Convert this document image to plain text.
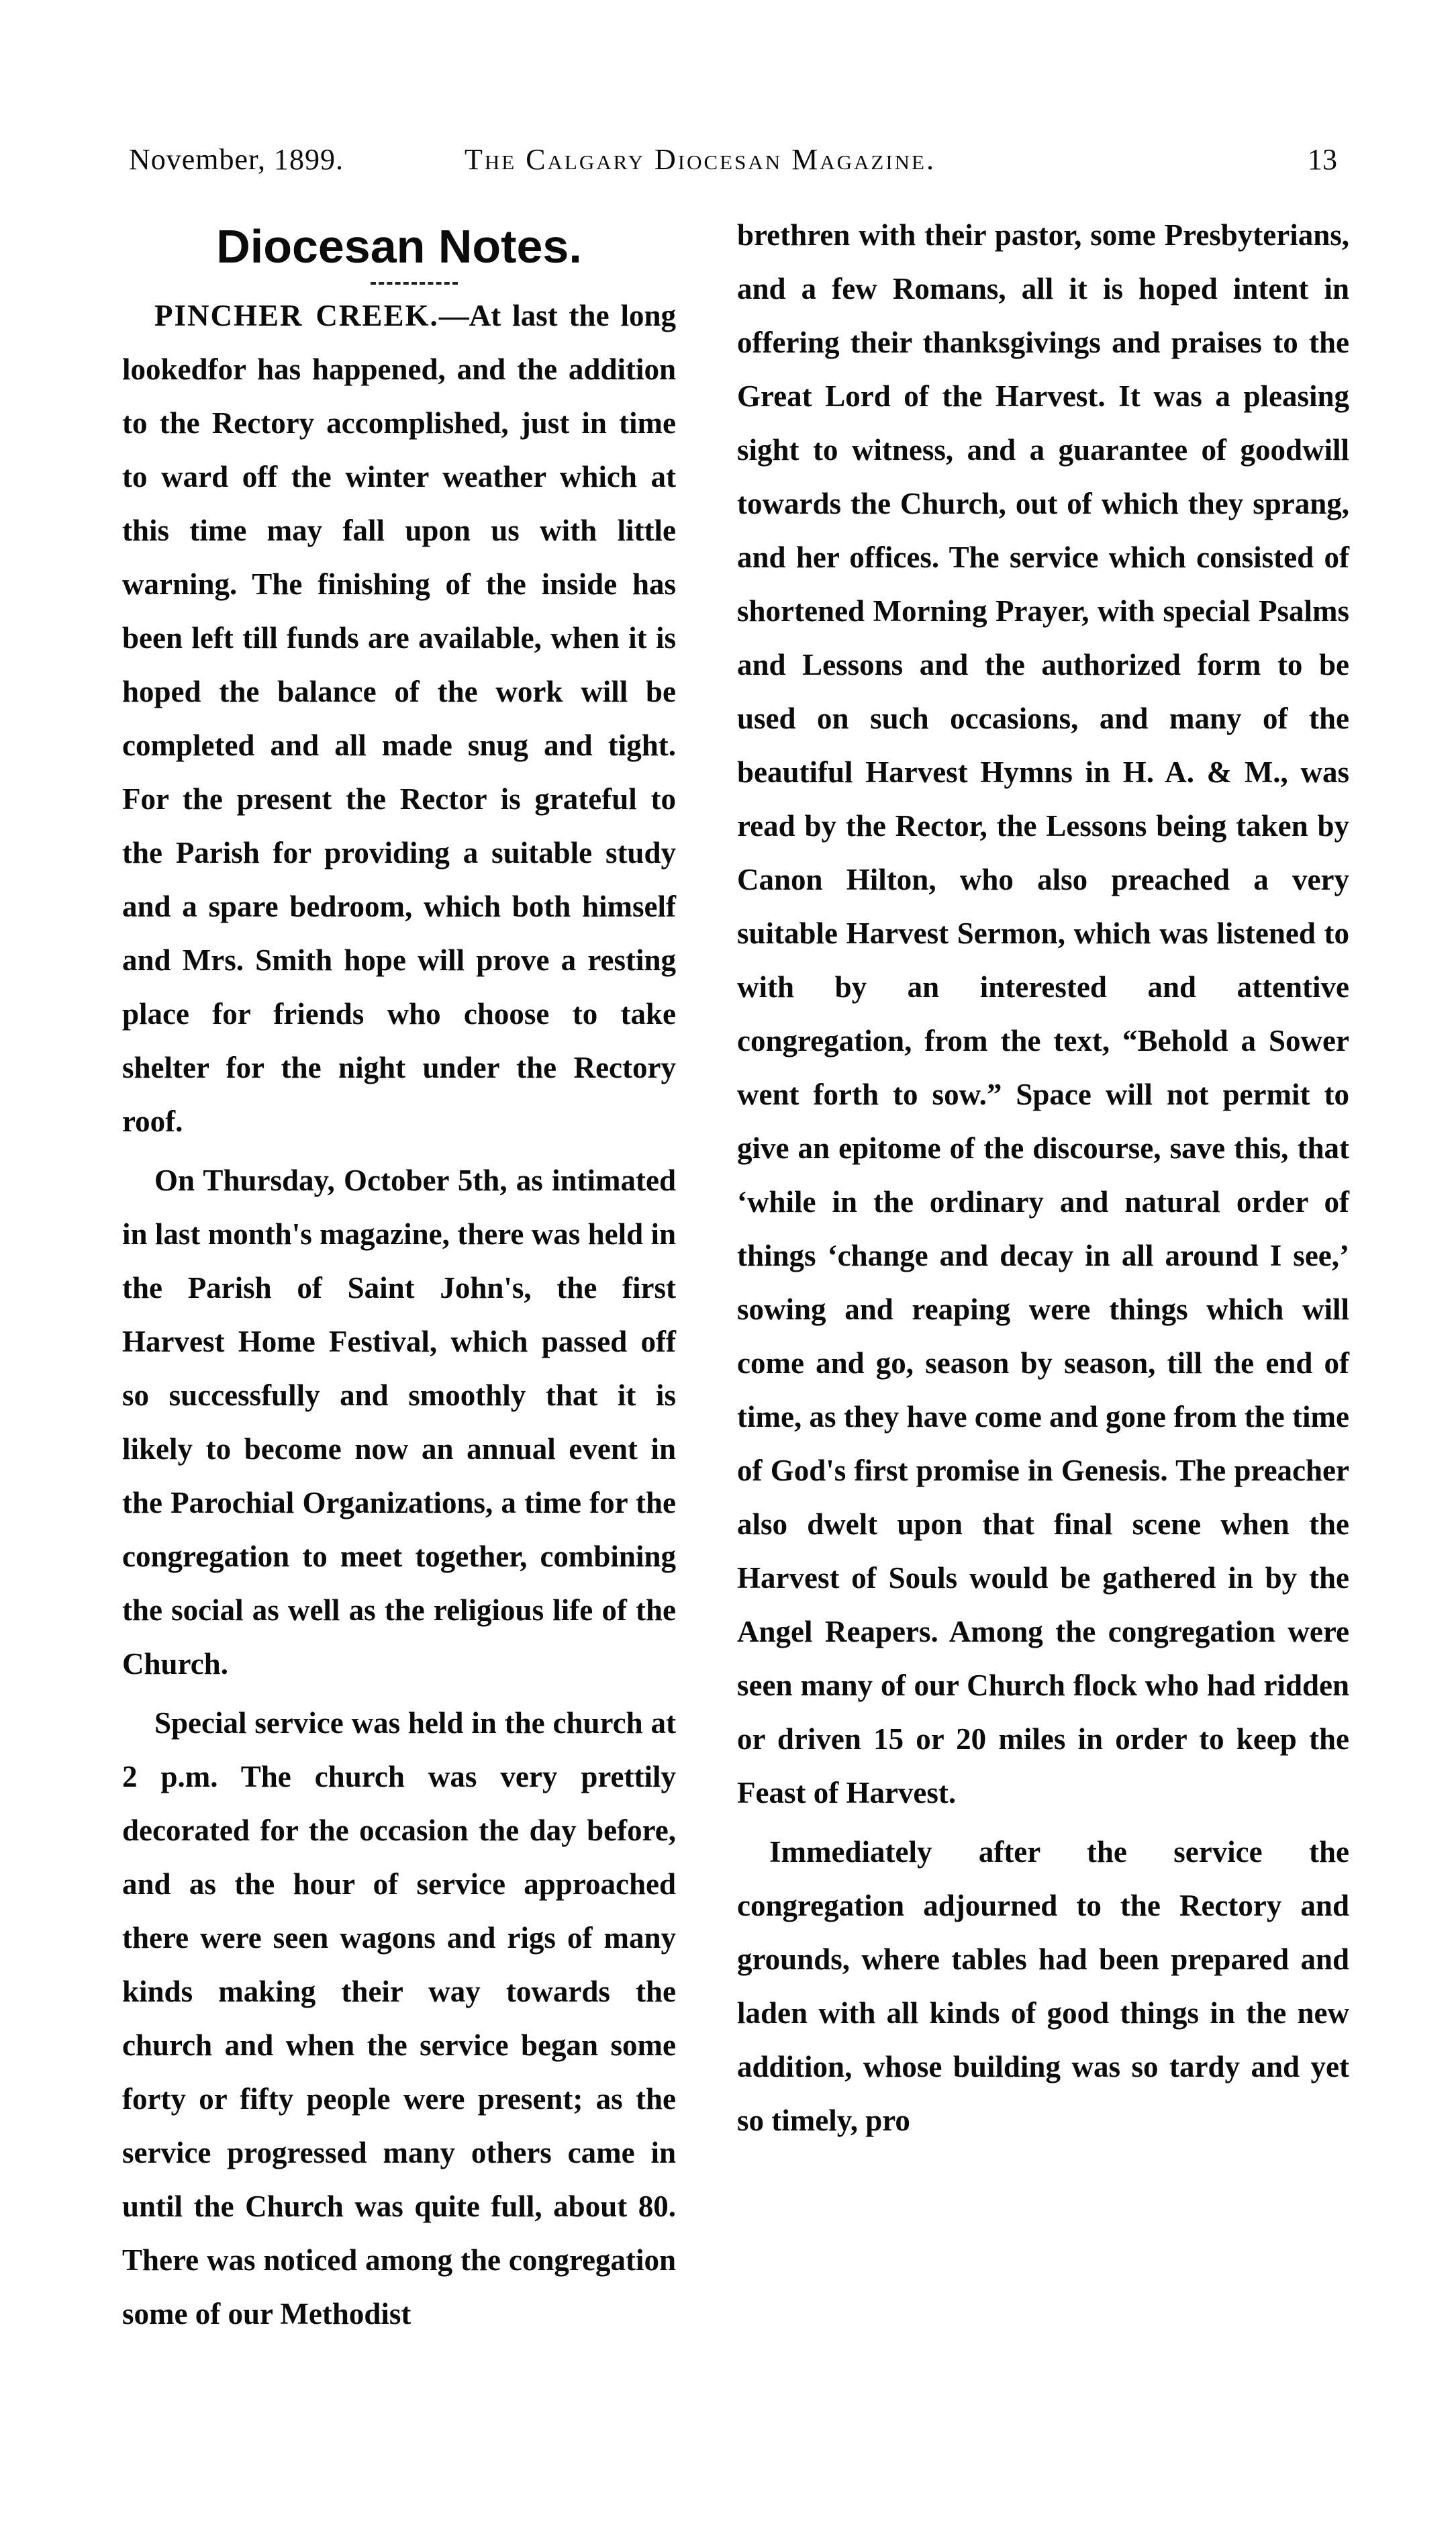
November, 1899.	The Calgary Diocesan Magazine.	13
Diocesan Notes.

PINCHER CREEK.—At last the long lookedfor has happened, and the addition to the Rectory accomplished, just in time to ward off the winter weather which at this time may fall upon us with little warning. The finishing of the inside has been left till funds are available, when it is hoped the balance of the work will be completed and all made snug and tight. For the present the Rector is grateful to the Parish for providing a suitable study and a spare bedroom, which both himself and Mrs. Smith hope will prove a resting place for friends who choose to take shelter for the night under the Rectory roof.

On Thursday, October 5th, as intimated in last month's magazine, there was held in the Parish of Saint John's, the first Harvest Home Festival, which passed off so successfully and smoothly that it is likely to become now an annual event in the Parochial Organizations, a time for the congregation to meet together, combining the social as well as the religious life of the Church.

Special service was held in the church at 2 p.m. The church was very prettily decorated for the occasion the day before, and as the hour of service approached there were seen wagons and rigs of many kinds making their way towards the church and when the service began some forty or fifty people were present; as the service progressed many others came in until the Church was quite full, about 80. There was noticed among the congregation some of our Methodist

brethren with their pastor, some Presbyterians, and a few Romans, all it is hoped intent in offering their thanksgivings and praises to the Great Lord of the Harvest. It was a pleasing sight to witness, and a guarantee of goodwill towards the Church, out of which they sprang, and her offices. The service which consisted of shortened Morning Prayer, with special Psalms and Lessons and the authorized form to be used on such occasions, and many of the beautiful Harvest Hymns in H. A. & M., was read by the Rector, the Lessons being taken by Canon Hilton, who also preached a very suitable Harvest Sermon, which was listened to with by an interested and attentive congregation, from the text, “Behold a Sower went forth to sow.” Space will not permit to give an epitome of the discourse, save this, that ‘while in the ordinary and natural order of things ‘change and decay in all around I see,’ sowing and reaping were things which will come and go, season by season, till the end of time, as they have come and gone from the time of God's first promise in Genesis. The preacher also dwelt upon that final scene when the Harvest of Souls would be gathered in by the Angel Reapers. Among the congregation were seen many of our Church flock who had ridden or driven 15 or 20 miles in order to keep the Feast of Harvest.

Immediately after the service the congregation adjourned to the Rectory and grounds, where tables had been prepared and laden with all kinds of good things in the new addition, whose building was so tardy and yet so timely, pro
